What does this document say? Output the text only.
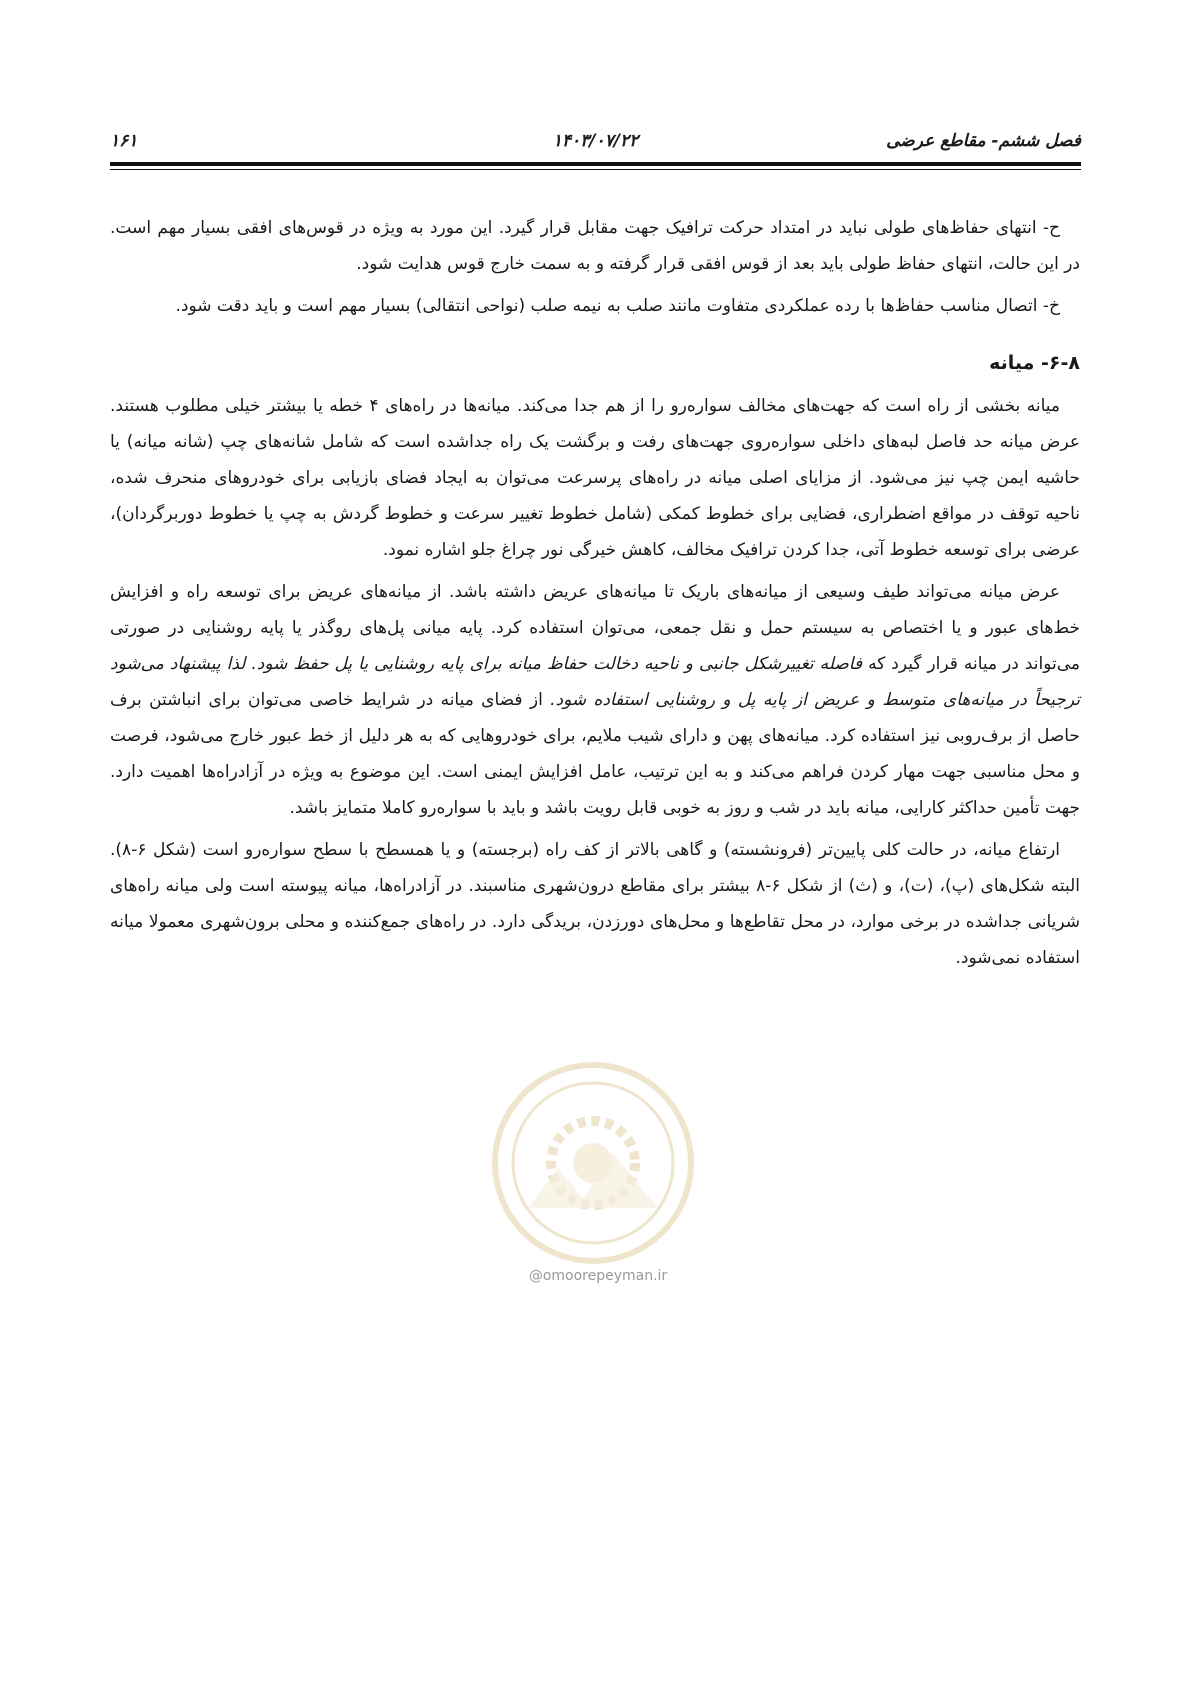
فصل ششم- مقاطع عرضی
۱۴۰۳/۰۷/۲۲
۱۶۱

ح- انتهای حفاظ‌های طولی نباید در امتداد حرکت ترافیک جهت مقابل قرار گیرد. این مورد به ویژه در قوس‌های افقی بسیار مهم است. در این حالت، انتهای حفاظ طولی باید بعد از قوس افقی قرار گرفته و به سمت خارج قوس هدایت شود.

خ- اتصال مناسب حفاظ‌ها با رده عملکردی متفاوت مانند صلب به نیمه صلب (نواحی انتقالی) بسیار مهم است و باید دقت شود.

۶-۸- میانه

میانه بخشی از راه است که جهت‌های مخالف سواره‌رو را از هم جدا می‌کند. میانه‌ها در راه‌های ۴ خطه یا بیشتر خیلی مطلوب هستند. عرض میانه حد فاصل لبه‌های داخلی سواره‌روی جهت‌های رفت و برگشت یک راه جداشده است که شامل شانه‌های چپ (شانه میانه) یا حاشیه ایمن چپ نیز می‌شود. از مزایای اصلی میانه در راه‌های پرسرعت می‌توان به ایجاد فضای بازیابی برای خودروهای منحرف شده، ناحیه توقف در مواقع اضطراری، فضایی برای خطوط کمکی (شامل خطوط تغییر سرعت و خطوط گردش به چپ یا خطوط دوربرگردان)، عرضی برای توسعه خطوط آتی، جدا کردن ترافیک مخالف، کاهش خیرگی نور چراغ جلو اشاره نمود.

عرض میانه می‌تواند طیف وسیعی از میانه‌های باریک تا میانه‌های عریض داشته باشد. از میانه‌های عریض برای توسعه راه و افزایش خط‌های عبور و یا اختصاص به سیستم حمل و نقل جمعی، می‌توان استفاده کرد. پایه میانی پل‌های روگذر یا پایه روشنایی در صورتی می‌تواند در میانه قرار گیرد که فاصله تغییرشکل جانبی و ناحیه دخالت حفاظ میانه برای پایه روشنایی یا پل حفظ شود. لذا پیشنهاد می‌شود ترجیحاً در میانه‌های متوسط و عریض از پایه پل و روشنایی استفاده شود. از فضای میانه در شرایط خاصی می‌توان برای انباشتن برف حاصل از برف‌روبی نیز استفاده کرد. میانه‌های پهن و دارای شیب ملایم، برای خودروهایی که به هر دلیل از خط عبور خارج می‌شود، فرصت و محل مناسبی جهت مهار کردن فراهم می‌کند و به این ترتیب، عامل افزایش ایمنی است. این موضوع به ویژه در آزادراه‌ها اهمیت دارد. جهت تأمین حداکثر کارایی، میانه باید در شب و روز به خوبی قابل رویت باشد و باید با سواره‌رو کاملا متمایز باشد.

ارتفاع میانه، در حالت کلی پایین‌تر (فرونشسته) و گاهی بالاتر از کف راه (برجسته) و یا همسطح با سطح سواره‌رو است (شکل ۶-۸). البته شکل‌های (پ)، (ت)، و (ث) از شکل ۶-۸ بیشتر برای مقاطع درون‌شهری مناسبند. در آزادراه‌ها، میانه پیوسته است ولی میانه راه‌های شریانی جداشده در برخی موارد، در محل تقاطع‌ها و محل‌های دورزدن، بریدگی دارد. در راه‌های جمع‌کننده و محلی برون‌شهری معمولا میانه استفاده نمی‌شود.

@omoorepeyman.ir
